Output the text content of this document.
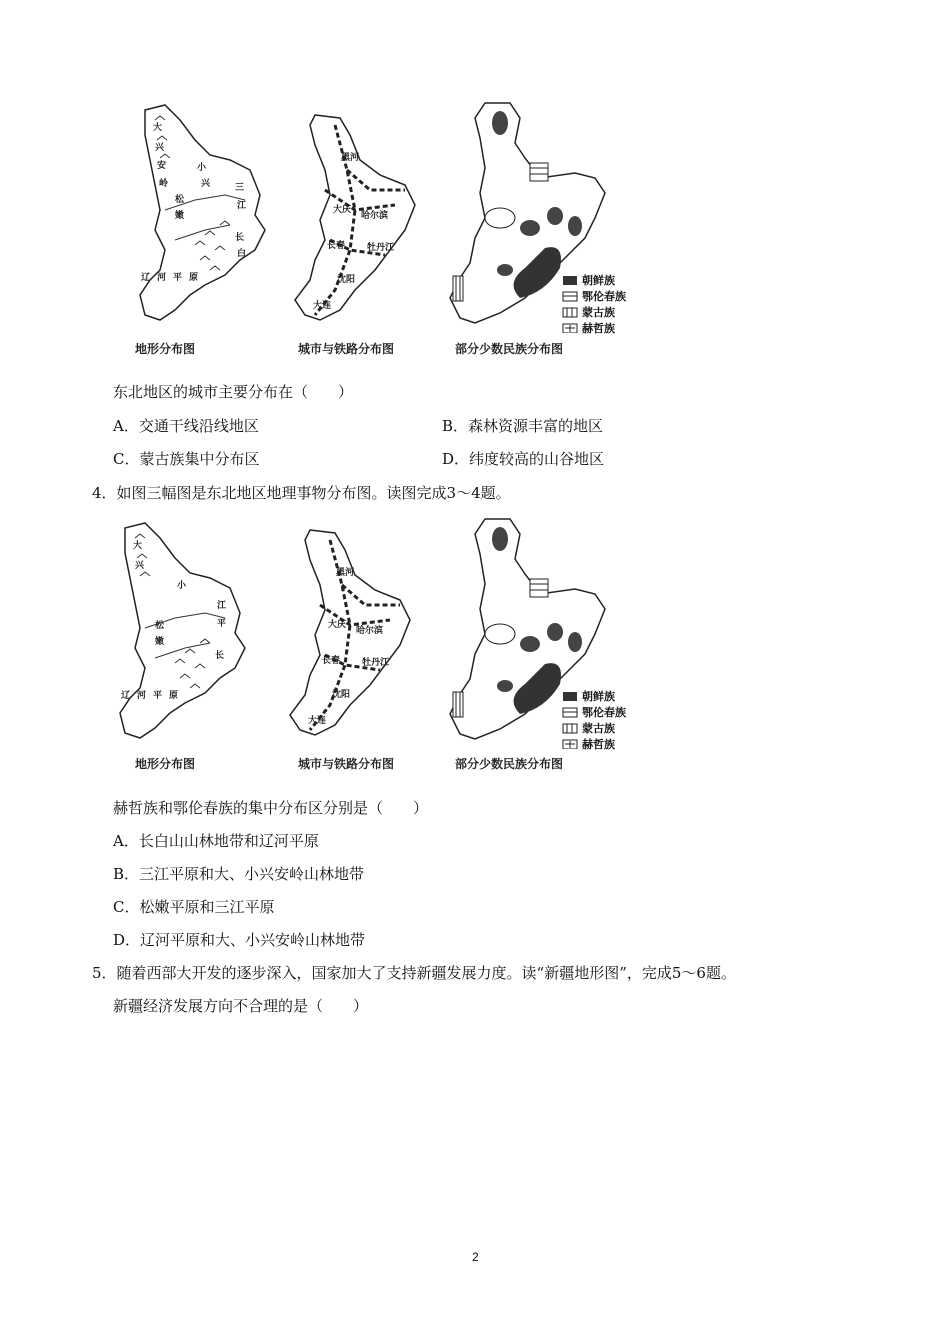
大
兴
安
岭
小
兴
松
嫩
三
江
长
白
辽 河 平 原
地形分布图
黑河
大庆
哈尔滨
长春 牡丹江
沈阳
大连
城市与铁路分布图
朝鲜族
鄂伦春族
蒙古族
赫哲族
部分少数民族分布图
东北地区的城市主要分布在（　　）
A．交通干线沿线地区	B．森林资源丰富的地区
C．蒙古族集中分布区	D．纬度较高的山谷地区
4．如图三幅图是东北地区地理事物分布图。读图完成3～4题。
大
兴
小
松
嫩
江
平
长
辽 河 平 原
地形分布图
黑河
大庆
哈尔滨
长春 牡丹江
沈阳
大连
城市与铁路分布图
朝鲜族
鄂伦春族
蒙古族
赫哲族
部分少数民族分布图
赫哲族和鄂伦春族的集中分布区分别是（　　）
A．长白山山林地带和辽河平原
B．三江平原和大、小兴安岭山林地带
C．松嫩平原和三江平原
D．辽河平原和大、小兴安岭山林地带
5．随着西部大开发的逐步深入，国家加大了支持新疆发展力度。读“新疆地形图”，完成5～6题。
新疆经济发展方向不合理的是（　　）
2
